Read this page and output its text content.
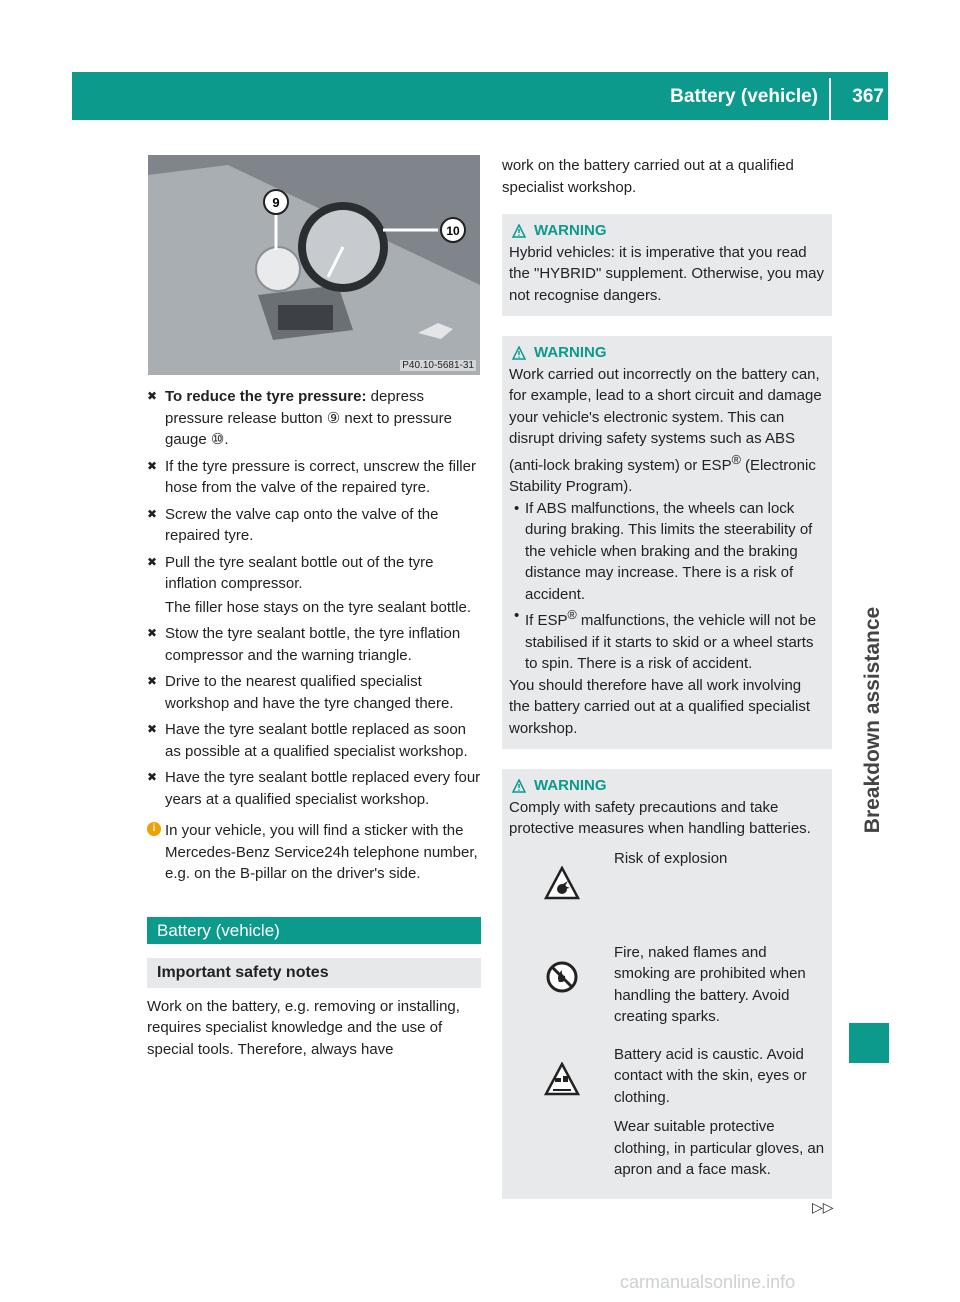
Battery (vehicle) 367
Breakdown assistance
9
10
P40.10-5681-31
✖ To reduce the tyre pressure: depress pressure release button ⑨ next to pressure gauge ⑩.
✖ If the tyre pressure is correct, unscrew the filler hose from the valve of the repaired tyre.
✖ Screw the valve cap onto the valve of the repaired tyre.
✖ Pull the tyre sealant bottle out of the tyre inflation compressor.
The filler hose stays on the tyre sealant bottle.
✖ Stow the tyre sealant bottle, the tyre inflation compressor and the warning triangle.
✖ Drive to the nearest qualified specialist workshop and have the tyre changed there.
✖ Have the tyre sealant bottle replaced as soon as possible at a qualified specialist workshop.
✖ Have the tyre sealant bottle replaced every four years at a qualified specialist workshop.
i In your vehicle, you will find a sticker with the Mercedes-Benz Service24h telephone number, e.g. on the B-pillar on the driver's side.
Battery (vehicle)
Important safety notes
Work on the battery, e.g. removing or installing, requires specialist knowledge and the use of special tools. Therefore, always have
work on the battery carried out at a qualified specialist workshop.
WARNING
Hybrid vehicles: it is imperative that you read the "HYBRID" supplement. Otherwise, you may not recognise dangers.
WARNING
Work carried out incorrectly on the battery can, for example, lead to a short circuit and damage your vehicle's electronic system. This can disrupt driving safety systems such as ABS (anti-lock braking system) or ESP® (Electronic Stability Program).
• If ABS malfunctions, the wheels can lock during braking. This limits the steerability of the vehicle when braking and the braking distance may increase. There is a risk of accident.
• If ESP® malfunctions, the vehicle will not be stabilised if it starts to skid or a wheel starts to spin. There is a risk of accident.
You should therefore have all work involving the battery carried out at a qualified specialist workshop.
WARNING
Comply with safety precautions and take protective measures when handling batteries.

Risk of explosion

Fire, naked flames and smoking are prohibited when handling the battery. Avoid creating sparks.

Battery acid is caustic. Avoid contact with the skin, eyes or clothing.

Wear suitable protective clothing, in particular gloves, an apron and a face mask.

▷▷
carmanualsonline.info
